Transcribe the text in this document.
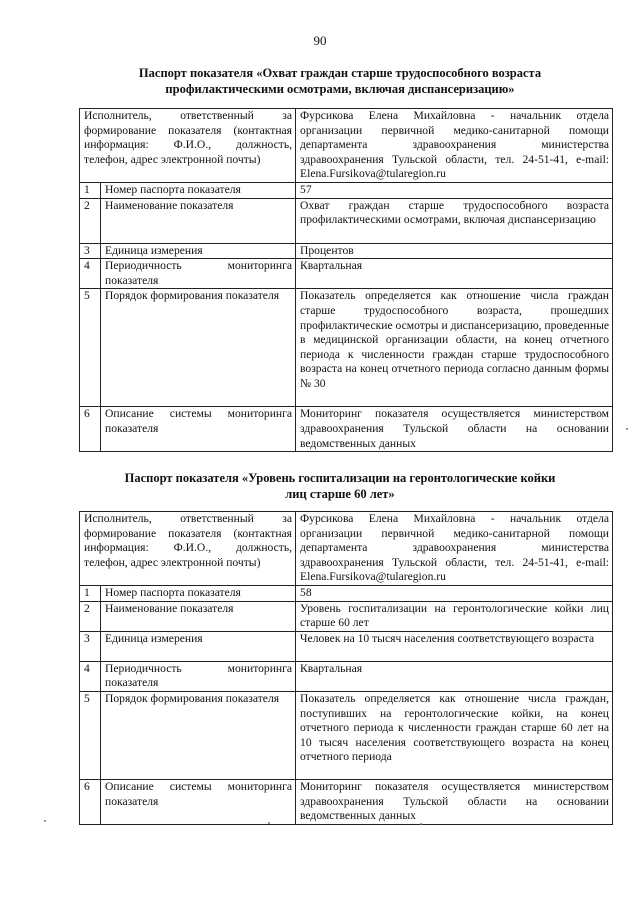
90
Паспорт показателя «Охват граждан старше трудоспособного возраста
профилактическими осмотрами, включая диспансеризацию»
Исполнитель, ответственный за формирование показателя (контактная информация: Ф.И.О., должность, телефон, адрес электронной почты)		Фурсикова Елена Михайловна - начальник отдела организации первичной медико-санитарной помощи департамента здравоохранения министерства здравоохранения Тульской области, тел. 24-51-41, e-mail: Elena.Fursikova@tularegion.ru
1	Номер паспорта показателя	57
2	Наименование показателя	Охват граждан старше трудоспособного возраста профилактическими осмотрами, включая диспансеризацию
3	Единица измерения	Процентов
4	Периодичность мониторинга показателя	Квартальная
5	Порядок формирования показателя	Показатель определяется как отношение числа граждан старше трудоспособного возраста, прошедших профилактические осмотры и диспансеризацию, проведенные в медицинской организации области, на конец отчетного периода к численности граждан старше трудоспособного возраста на конец отчетного периода согласно данным формы № 30
6	Описание системы мониторинга показателя	Мониторинг показателя осуществляется министерством здравоохранения Тульской области на основании ведомственных данных
Паспорт показателя «Уровень госпитализации на геронтологические койки
лиц старше 60 лет»
Исполнитель, ответственный за формирование показателя (контактная информация: Ф.И.О., должность, телефон, адрес электронной почты)		Фурсикова Елена Михайловна - начальник отдела организации первичной медико-санитарной помощи департамента здравоохранения министерства здравоохранения Тульской области, тел. 24-51-41, e-mail: Elena.Fursikova@tularegion.ru
1	Номер паспорта показателя	58
2	Наименование показателя	Уровень госпитализации на геронтологические койки лиц старше 60 лет
3	Единица измерения	Человек на 10 тысяч населения соответствующего возраста
4	Периодичность мониторинга показателя	Квартальная
5	Порядок формирования показателя	Показатель определяется как отношение числа граждан, поступивших на геронтологические койки, на конец отчетного периода к численности граждан старше 60 лет на 10 тысяч населения соответствующего возраста на конец отчетного периода
6	Описание системы мониторинга показателя	Мониторинг показателя осуществляется министерством здравоохранения Тульской области на основании ведомственных данных
